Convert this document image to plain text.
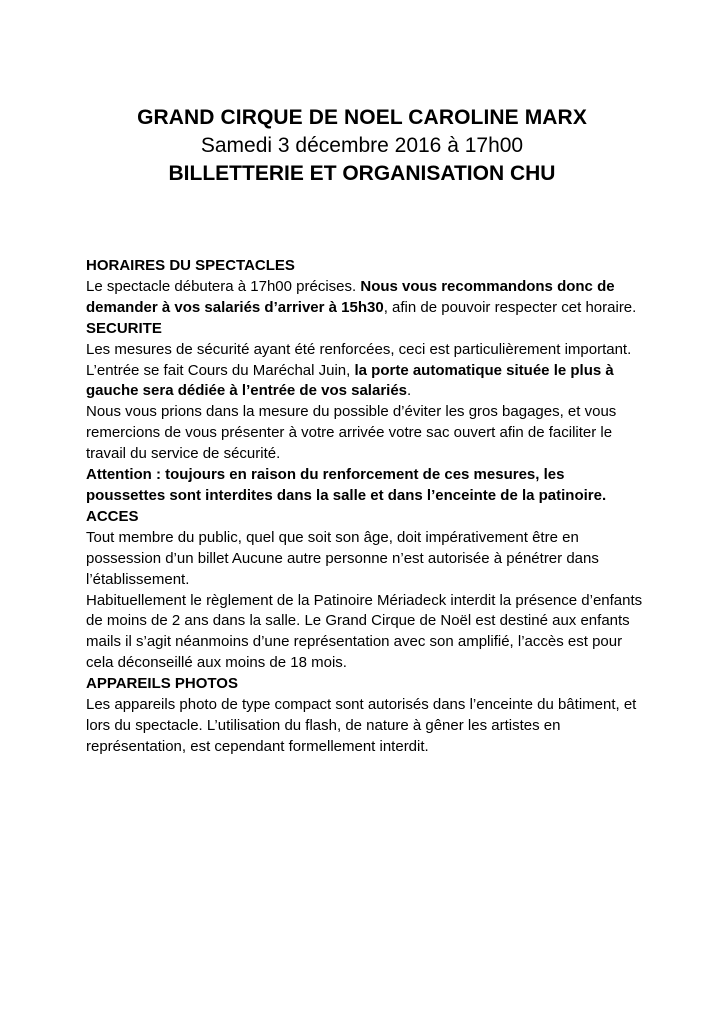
GRAND CIRQUE DE NOEL CAROLINE MARX
Samedi 3 décembre 2016 à 17h00
BILLETTERIE ET ORGANISATION CHU

HORAIRES DU SPECTACLES

Le spectacle débutera à 17h00 précises. Nous vous recommandons donc de demander à vos salariés d’arriver à 15h30, afin de pouvoir respecter cet horaire.

SECURITE

Les mesures de sécurité ayant été renforcées, ceci est particulièrement important.

L’entrée se fait Cours du Maréchal Juin, la porte automatique située le plus à gauche sera dédiée à l’entrée de vos salariés.

Nous vous prions dans la mesure du possible d’éviter les gros bagages, et vous remercions de vous présenter à votre arrivée votre sac ouvert afin de faciliter le travail du service de sécurité.

Attention : toujours en raison du renforcement de ces mesures, les poussettes sont interdites dans la salle et dans l’enceinte de la patinoire.

ACCES

Tout membre du public, quel que soit son âge, doit impérativement être en possession d’un billet Aucune autre personne n’est autorisée à pénétrer dans l’établissement.

Habituellement le règlement de la Patinoire Mériadeck interdit la présence d’enfants de moins de 2 ans dans la salle. Le Grand Cirque de Noël est destiné aux enfants mails il s’agit néanmoins d’une représentation avec son amplifié, l’accès est pour cela déconseillé aux moins de 18 mois.

APPAREILS PHOTOS

Les appareils photo de type compact sont autorisés dans l’enceinte du bâtiment, et lors du spectacle. L’utilisation du flash, de nature à gêner les artistes en représentation, est cependant formellement interdit.
